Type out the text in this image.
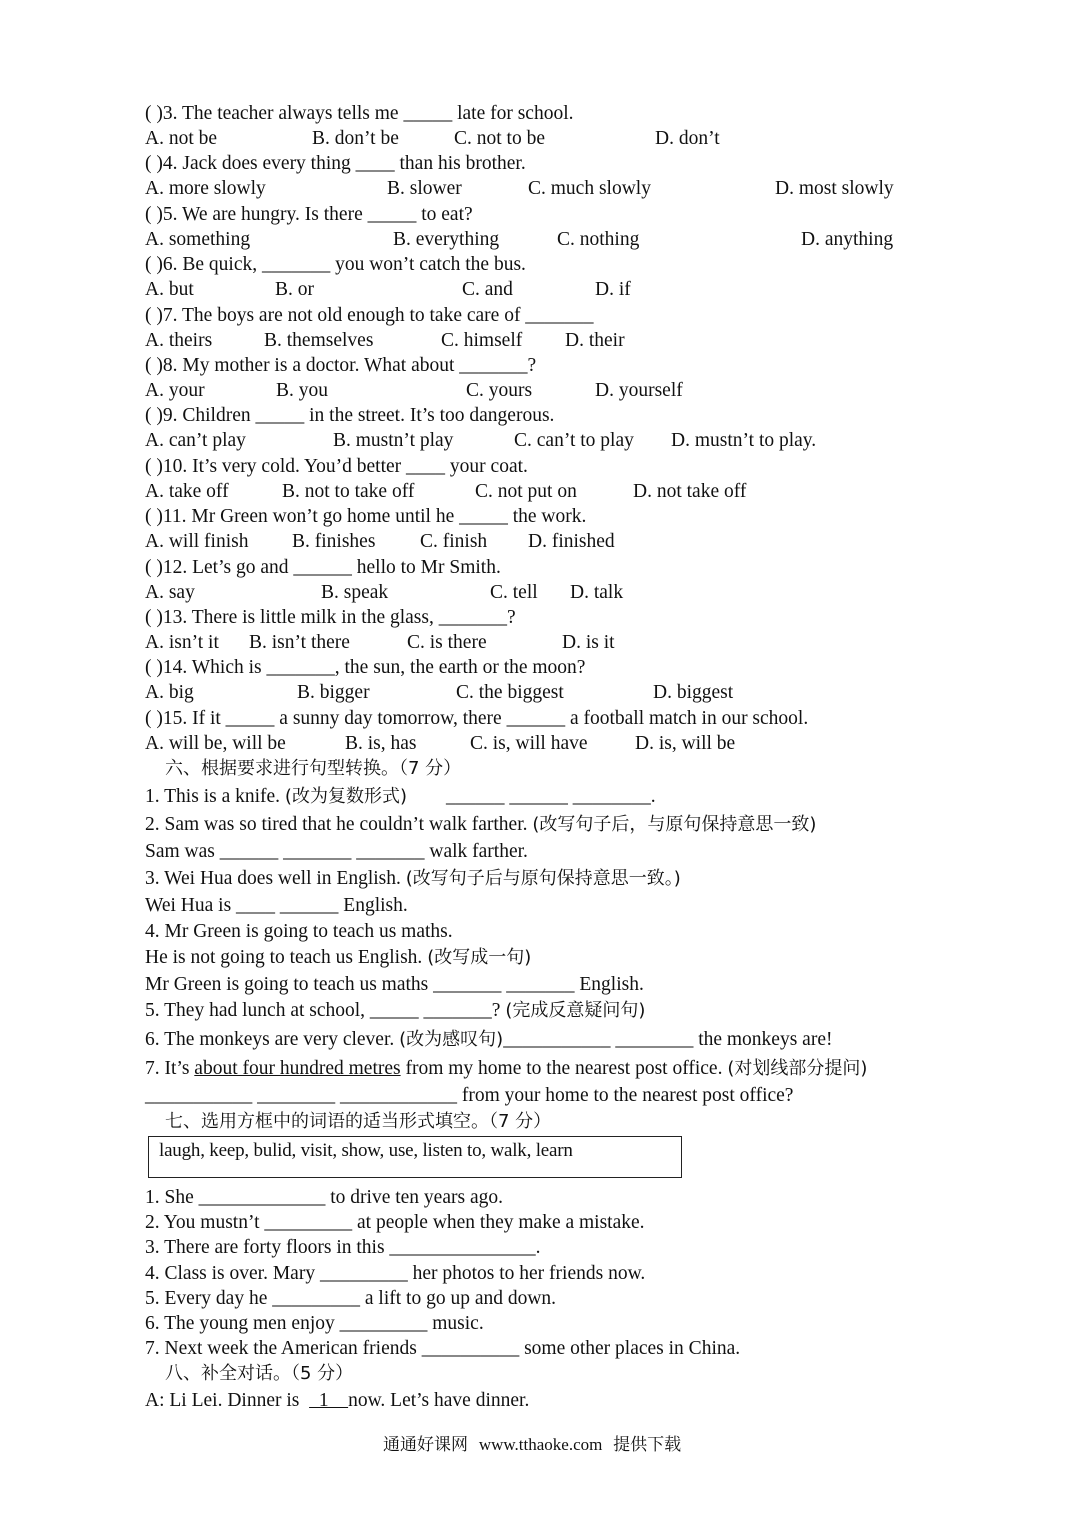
( )3. The teacher always tells me _____ late for school.
A. not be	B. don’t be	C. not to be	D. don’t
( )4. Jack does every thing ____ than his brother.
A. more slowly	B. slower	C. much slowly	D. most slowly
( )5. We are hungry. Is there _____ to eat?
A. something	B. everything	C. nothing	D. anything
( )6. Be quick, _______ you won’t catch the bus.
A. but	B. or	C. and	D. if
( )7. The boys are not old enough to take care of _______
A. theirs	B. themselves	C. himself D. their
( )8. My mother is a doctor. What about _______?
A. your	B. you	C. yours	D. yourself
( )9. Children _____ in the street. It’s too dangerous.
A. can’t play	B. mustn’t play	C. can’t to play D. mustn’t to play.
( )10. It’s very cold. You’d better ____ your coat.
A. take off	B. not to take off	C. not put on	D. not take off
( )11. Mr Green won’t go home until he _____ the work.
A. will finish B. finishes C. finish D. finished
( )12. Let’s go and ______ hello to Mr Smith.
A. say	B. speak	C. tell D. talk
( )13. There is little milk in the glass, _______?
A. isn’t it B. isn’t there	C. is there	D. is it
( )14. Which is _______, the sun, the earth or the moon?
A. big	B. bigger	C. the biggest	D. biggest
( )15. If it _____ a sunny day tomorrow, there ______ a football match in our school.
A. will be, will be	B. is, has	C. is, will have D. is, will be
六、根据要求进行句型转换。（7 分）
1. This is a knife. (改为复数形式)        ______ ______ ________.
2. Sam was so tired that he couldn’t walk farther. (改写句子后，与原句保持意思一致)
Sam was ______ _______ _______ walk farther.
3. Wei Hua does well in English. (改写句子后与原句保持意思一致。)
Wei Hua is ____ ______ English.
4. Mr Green is going to teach us maths.
He is not going to teach us English. (改写成一句)
Mr Green is going to teach us maths _______ _______ English.
5. They had lunch at school, _____ _______? (完成反意疑问句)
6. The monkeys are very clever. (改为感叹句)___________ ________ the monkeys are!
7. It’s about four hundred metres from my home to the nearest post office. (对划线部分提问)
___________ ________ ____________ from your home to the nearest post office?
七、选用方框中的词语的适当形式填空。（7 分）
laugh, keep, bulid, visit, show, use, listen to, walk, learn
1. She _____________ to drive ten years ago.
2. You mustn’t _________ at people when they make a mistake.
3. There are forty floors in this _______________.
4. Class is over. Mary _________ her photos to her friends now.
5. Every day he _________ a lift to go up and down.
6. The young men enjoy _________ music.
7. Next week the American friends __________ some other places in China.
八、补全对话。（5 分）
A: Li Lei. Dinner is    1    now. Let’s have dinner.
通通好课网  www.tthaoke.com  提供下载
